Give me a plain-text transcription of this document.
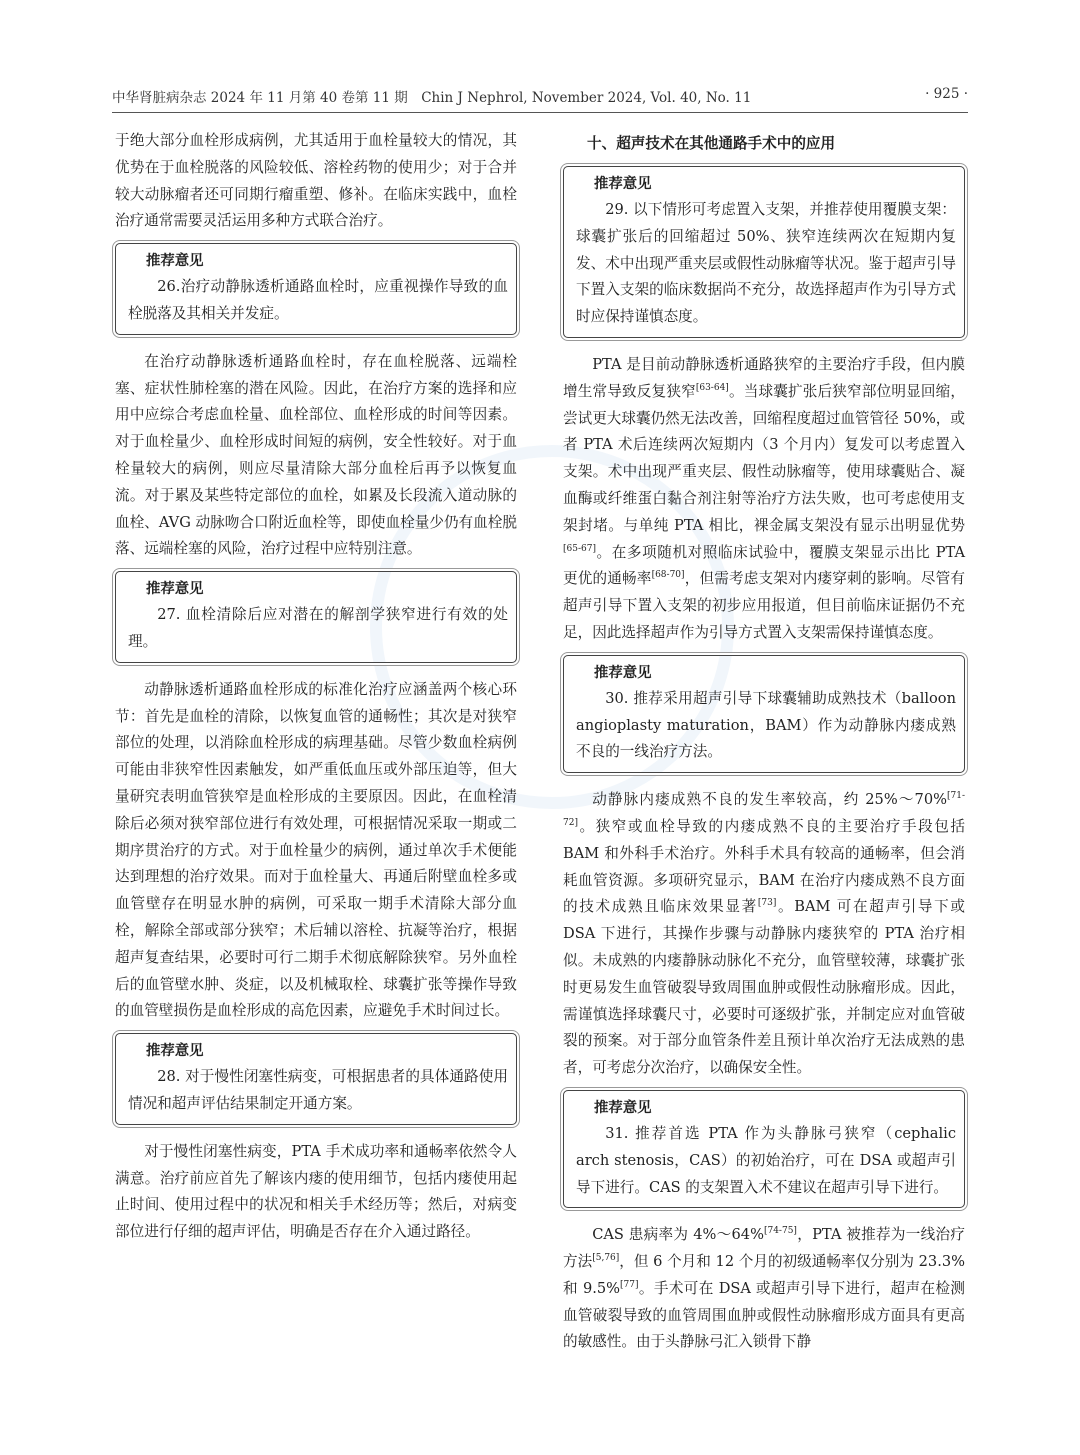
中华肾脏病杂志 2024 年 11 月第 40 卷第 11 期　Chin J Nephrol, November 2024, Vol. 40, No. 11	· 925 ·

于绝大部分血栓形成病例，尤其适用于血栓量较大的情况，其优势在于血栓脱落的风险较低、溶栓药物的使用少；对于合并较大动脉瘤者还可同期行瘤重塑、修补。在临床实践中，血栓治疗通常需要灵活运用多种方式联合治疗。

推荐意见
26.治疗动静脉透析通路血栓时，应重视操作导致的血栓脱落及其相关并发症。

在治疗动静脉透析通路血栓时，存在血栓脱落、远端栓塞、症状性肺栓塞的潜在风险。因此，在治疗方案的选择和应用中应综合考虑血栓量、血栓部位、血栓形成的时间等因素。对于血栓量少、血栓形成时间短的病例，安全性较好。对于血栓量较大的病例，则应尽量清除大部分血栓后再予以恢复血流。对于累及某些特定部位的血栓，如累及长段流入道动脉的血栓、AVG 动脉吻合口附近血栓等，即使血栓量少仍有血栓脱落、远端栓塞的风险，治疗过程中应特别注意。

推荐意见
27. 血栓清除后应对潜在的解剖学狭窄进行有效的处理。

动静脉透析通路血栓形成的标准化治疗应涵盖两个核心环节：首先是血栓的清除，以恢复血管的通畅性；其次是对狭窄部位的处理，以消除血栓形成的病理基础。尽管少数血栓病例可能由非狭窄性因素触发，如严重低血压或外部压迫等，但大量研究表明血管狭窄是血栓形成的主要原因。因此，在血栓清除后必须对狭窄部位进行有效处理，可根据情况采取一期或二期序贯治疗的方式。对于血栓量少的病例，通过单次手术便能达到理想的治疗效果。而对于血栓量大、再通后附壁血栓多或血管壁存在明显水肿的病例，可采取一期手术清除大部分血栓，解除全部或部分狭窄；术后辅以溶栓、抗凝等治疗，根据超声复查结果，必要时可行二期手术彻底解除狭窄。另外血栓后的血管壁水肿、炎症，以及机械取栓、球囊扩张等操作导致的血管壁损伤是血栓形成的高危因素，应避免手术时间过长。

推荐意见
28. 对于慢性闭塞性病变，可根据患者的具体通路使用情况和超声评估结果制定开通方案。

对于慢性闭塞性病变，PTA 手术成功率和通畅率依然令人满意。治疗前应首先了解该内瘘的使用细节，包括内瘘使用起止时间、使用过程中的状况和相关手术经历等；然后，对病变部位进行仔细的超声评估，明确是否存在介入通过路径。

十、超声技术在其他通路手术中的应用
推荐意见
29. 以下情形可考虑置入支架，并推荐使用覆膜支架：球囊扩张后的回缩超过 50%、狭窄连续两次在短期内复发、术中出现严重夹层或假性动脉瘤等状况。鉴于超声引导下置入支架的临床数据尚不充分，故选择超声作为引导方式时应保持谨慎态度。

PTA 是目前动静脉透析通路狭窄的主要治疗手段，但内膜增生常导致反复狭窄[63-64]。当球囊扩张后狭窄部位明显回缩，尝试更大球囊仍然无法改善，回缩程度超过血管管径 50%，或者 PTA 术后连续两次短期内（3 个月内）复发可以考虑置入支架。术中出现严重夹层、假性动脉瘤等，使用球囊贴合、凝血酶或纤维蛋白黏合剂注射等治疗方法失败，也可考虑使用支架封堵。与单纯 PTA 相比，裸金属支架没有显示出明显优势[65-67]。在多项随机对照临床试验中，覆膜支架显示出比 PTA 更优的通畅率[68-70]，但需考虑支架对内瘘穿刺的影响。尽管有超声引导下置入支架的初步应用报道，但目前临床证据仍不充足，因此选择超声作为引导方式置入支架需保持谨慎态度。

推荐意见
30. 推荐采用超声引导下球囊辅助成熟技术（balloon angioplasty maturation，BAM）作为动静脉内瘘成熟不良的一线治疗方法。

动静脉内瘘成熟不良的发生率较高，约 25%～70%[71-72]。狭窄或血栓导致的内瘘成熟不良的主要治疗手段包括 BAM 和外科手术治疗。外科手术具有较高的通畅率，但会消耗血管资源。多项研究显示，BAM 在治疗内瘘成熟不良方面的技术成熟且临床效果显著[73]。BAM 可在超声引导下或 DSA 下进行，其操作步骤与动静脉内瘘狭窄的 PTA 治疗相似。未成熟的内瘘静脉动脉化不充分，血管壁较薄，球囊扩张时更易发生血管破裂导致周围血肿或假性动脉瘤形成。因此，需谨慎选择球囊尺寸，必要时可逐级扩张，并制定应对血管破裂的预案。对于部分血管条件差且预计单次治疗无法成熟的患者，可考虑分次治疗，以确保安全性。

推荐意见
31. 推荐首选 PTA 作为头静脉弓狭窄（cephalic arch stenosis，CAS）的初始治疗，可在 DSA 或超声引导下进行。CAS 的支架置入术不建议在超声引导下进行。

CAS 患病率为 4%～64%[74-75]，PTA 被推荐为一线治疗方法[5,76]，但 6 个月和 12 个月的初级通畅率仅分别为 23.3% 和 9.5%[77]。手术可在 DSA 或超声引导下进行，超声在检测血管破裂导致的血管周围血肿或假性动脉瘤形成方面具有更高的敏感性。由于头静脉弓汇入锁骨下静
